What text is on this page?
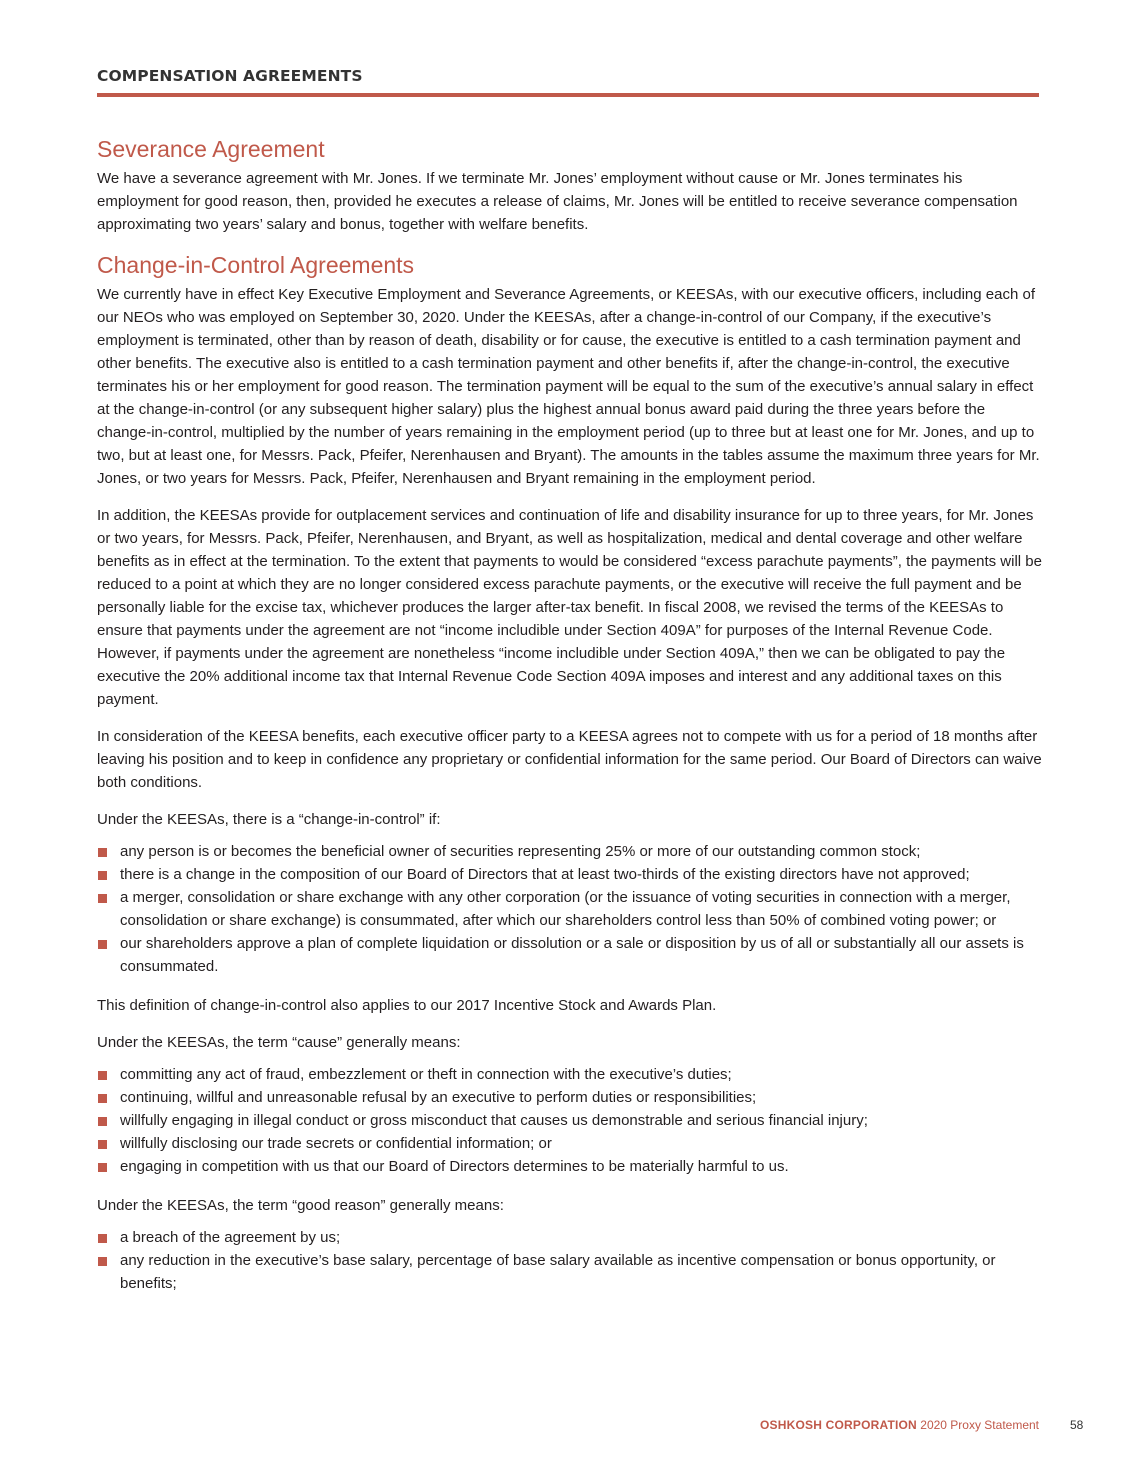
COMPENSATION AGREEMENTS
Severance Agreement

We have a severance agreement with Mr. Jones. If we terminate Mr. Jones’ employment without cause or Mr. Jones terminates his employment for good reason, then, provided he executes a release of claims, Mr. Jones will be entitled to receive severance compensation approximating two years’ salary and bonus, together with welfare benefits.

Change-in-Control Agreements

We currently have in effect Key Executive Employment and Severance Agreements, or KEESAs, with our executive officers, including each of our NEOs who was employed on September 30, 2020. Under the KEESAs, after a change-in-control of our Company, if the executive’s employment is terminated, other than by reason of death, disability or for cause, the executive is entitled to a cash termination payment and other benefits. The executive also is entitled to a cash termination payment and other benefits if, after the change-in-control, the executive terminates his or her employment for good reason. The termination payment will be equal to the sum of the executive’s annual salary in effect at the change-in-control (or any subsequent higher salary) plus the highest annual bonus award paid during the three years before the change-in-control, multiplied by the number of years remaining in the employment period (up to three but at least one for Mr. Jones, and up to two, but at least one, for Messrs. Pack, Pfeifer, Nerenhausen and Bryant). The amounts in the tables assume the maximum three years for Mr. Jones, or two years for Messrs. Pack, Pfeifer, Nerenhausen and Bryant remaining in the employment period.

In addition, the KEESAs provide for outplacement services and continuation of life and disability insurance for up to three years, for Mr. Jones or two years, for Messrs. Pack, Pfeifer, Nerenhausen, and Bryant, as well as hospitalization, medical and dental coverage and other welfare benefits as in effect at the termination. To the extent that payments to would be considered “excess parachute payments”, the payments will be reduced to a point at which they are no longer considered excess parachute payments, or the executive will receive the full payment and be personally liable for the excise tax, whichever produces the larger after-tax benefit. In fiscal 2008, we revised the terms of the KEESAs to ensure that payments under the agreement are not “income includible under Section 409A” for purposes of the Internal Revenue Code. However, if payments under the agreement are nonetheless “income includible under Section 409A,” then we can be obligated to pay the executive the 20% additional income tax that Internal Revenue Code Section 409A imposes and interest and any additional taxes on this payment.

In consideration of the KEESA benefits, each executive officer party to a KEESA agrees not to compete with us for a period of 18 months after leaving his position and to keep in confidence any proprietary or confidential information for the same period. Our Board of Directors can waive both conditions.

Under the KEESAs, there is a “change-in-control” if:

any person is or becomes the beneficial owner of securities representing 25% or more of our outstanding common stock;
there is a change in the composition of our Board of Directors that at least two-thirds of the existing directors have not approved;
a merger, consolidation or share exchange with any other corporation (or the issuance of voting securities in connection with a merger, consolidation or share exchange) is consummated, after which our shareholders control less than 50% of combined voting power; or
our shareholders approve a plan of complete liquidation or dissolution or a sale or disposition by us of all or substantially all our assets is consummated.

This definition of change-in-control also applies to our 2017 Incentive Stock and Awards Plan.

Under the KEESAs, the term “cause” generally means:

committing any act of fraud, embezzlement or theft in connection with the executive’s duties;
continuing, willful and unreasonable refusal by an executive to perform duties or responsibilities;
willfully engaging in illegal conduct or gross misconduct that causes us demonstrable and serious financial injury;
willfully disclosing our trade secrets or confidential information; or
engaging in competition with us that our Board of Directors determines to be materially harmful to us.

Under the KEESAs, the term “good reason” generally means:

a breach of the agreement by us;
any reduction in the executive’s base salary, percentage of base salary available as incentive compensation or bonus opportunity, or benefits;
OSHKOSH CORPORATION 2020 Proxy Statement	58
